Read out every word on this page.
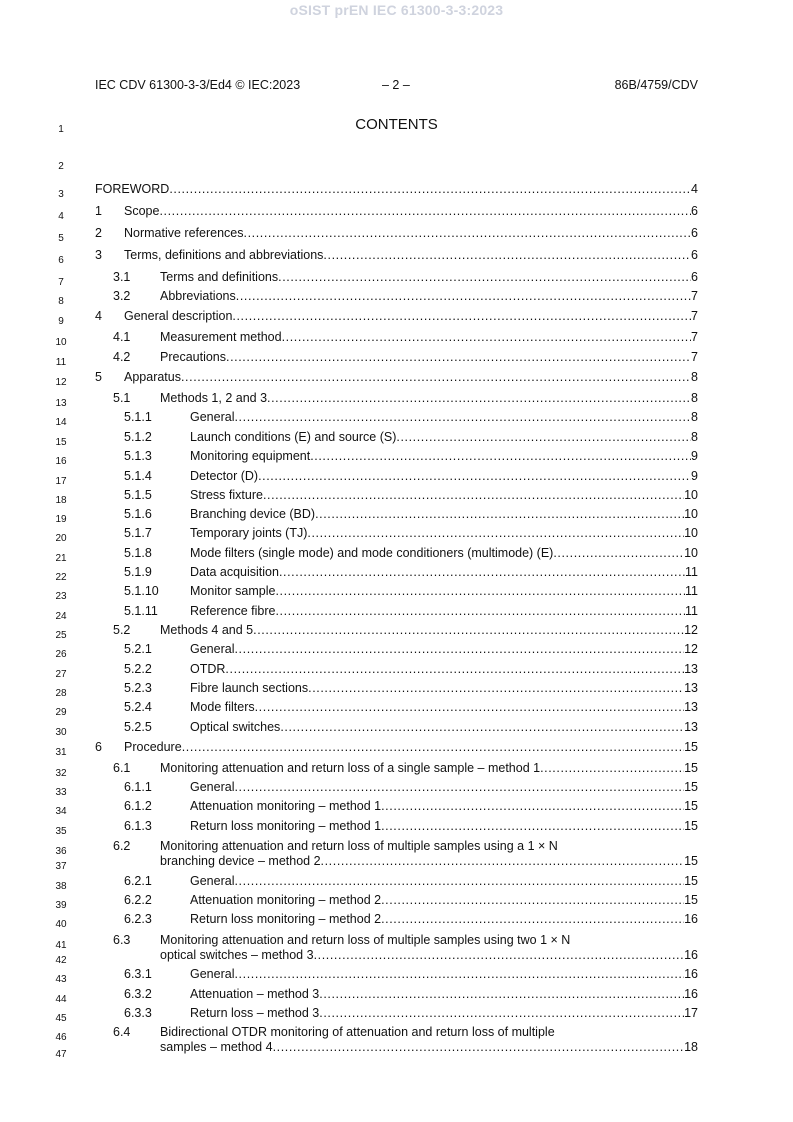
oSIST prEN IEC 61300-3-3:2023
IEC CDV 61300-3-3/Ed4 © IEC:2023	– 2 –	86B/4759/CDV
CONTENTS
1
2
3
4
5
6
7
8
9
10
11
12
13
14
15
16
17
18
19
20
21
22
23
24
25
26
27
28
29
30
31
32
33
34
35
36
37
38
39
40
41
42
43
44
45
46
47
FOREWORD .....	4
1 Scope .....	6
2 Normative references .....	6
3 Terms, definitions and abbreviations .....	6
3.1 Terms and definitions .....	6
3.2 Abbreviations .....	7
4 General description .....	7
4.1 Measurement method .....	7
4.2 Precautions .....	7
5 Apparatus .....	8
5.1 Methods 1, 2 and 3 .....	8
5.1.1	General .....	8
5.1.2	Launch conditions (E) and source (S) .....	8
5.1.3	Monitoring equipment .....	9
5.1.4	Detector (D) .....	9
5.1.5	Stress fixture .....	10
5.1.6	Branching device (BD) .....	10
5.1.7	Temporary joints (TJ) .....	10
5.1.8	Mode filters (single mode) and mode conditioners (multimode) (E) .....	10
5.1.9	Data acquisition .....	11
5.1.10 Monitor sample .....	11
5.1.11	Reference fibre .....	11
5.2 Methods 4 and 5 .....	12
5.2.1	General .....	12
5.2.2	OTDR .....	13
5.2.3	Fibre launch sections .....	13
5.2.4	Mode filters .....	13
5.2.5	Optical switches .....	13
6 Procedure .....	15
6.1 Monitoring attenuation and return loss of a single sample – method 1 .....	15
6.1.1	General .....	15
6.1.2	Attenuation monitoring – method 1 .....	15
6.1.3	Return loss monitoring – method 1 .....	15
6.2	Monitoring attenuation and return loss of multiple samples using a 1 × N
branching device – method 2 .....	15
6.2.1	General .....	15
6.2.2	Attenuation monitoring – method 2 .....	15
6.2.3	Return loss monitoring – method 2 .....	16
6.3	Monitoring attenuation and return loss of multiple samples using two 1 × N
optical switches – method 3 .....	16
6.3.1	General .....	16
6.3.2	Attenuation – method 3 .....	16
6.3.3	Return loss – method 3 .....	17
6.4	Bidirectional OTDR monitoring of attenuation and return loss of multiple
samples – method 4 .....	18
